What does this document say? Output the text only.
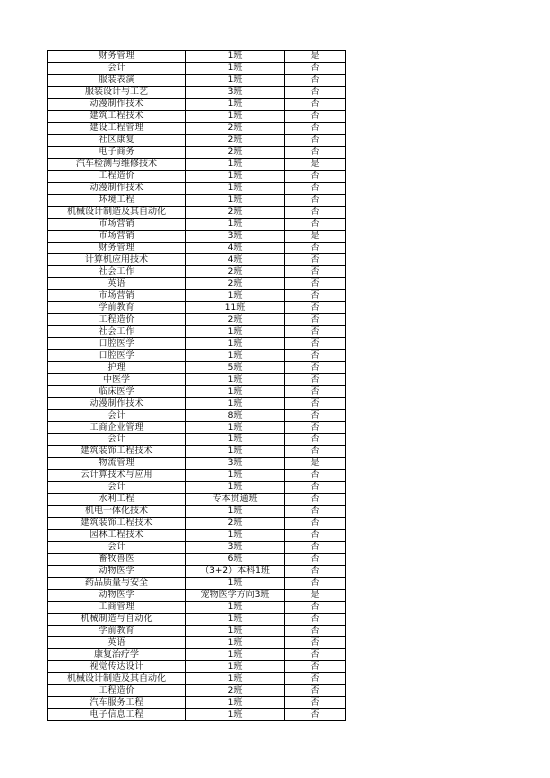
财务管理	1班	是
会计	1班	否
服装表演	1班	否
服装设计与工艺	3班	否
动漫制作技术	1班	否
建筑工程技术	1班	否
建设工程管理	2班	否
社区康复	2班	否
电子商务	2班	否
汽车检测与维修技术	1班	是
工程造价	1班	否
动漫制作技术	1班	否
环境工程	1班	否
机械设计制造及其自动化	2班	否
市场营销	1班	否
市场营销	3班	是
财务管理	4班	否
计算机应用技术	4班	否
社会工作	2班	否
英语	2班	否
市场营销	1班	否
学前教育	11班	否
工程造价	2班	否
社会工作	1班	否
口腔医学	1班	否
口腔医学	1班	否
护理	5班	否
中医学	1班	否
临床医学	1班	否
动漫制作技术	1班	否
会计	8班	否
工商企业管理	1班	否
会计	1班	否
建筑装饰工程技术	1班	否
物流管理	3班	是
云计算技术与应用	1班	否
会计	1班	否
水利工程	专本贯通班	否
机电一体化技术	1班	否
建筑装饰工程技术	2班	否
园林工程技术	1班	否
会计	3班	否
畜牧兽医	6班	否
动物医学	（3+2）本科1班	否
药品质量与安全	1班	否
动物医学	宠物医学方向3班	是
工商管理	1班	否
机械制造与自动化	1班	否
学前教育	1班	否
英语	1班	否
康复治疗学	1班	否
视觉传达设计	1班	否
机械设计制造及其自动化	1班	否
工程造价	2班	否
汽车服务工程	1班	否
电子信息工程	1班	否
